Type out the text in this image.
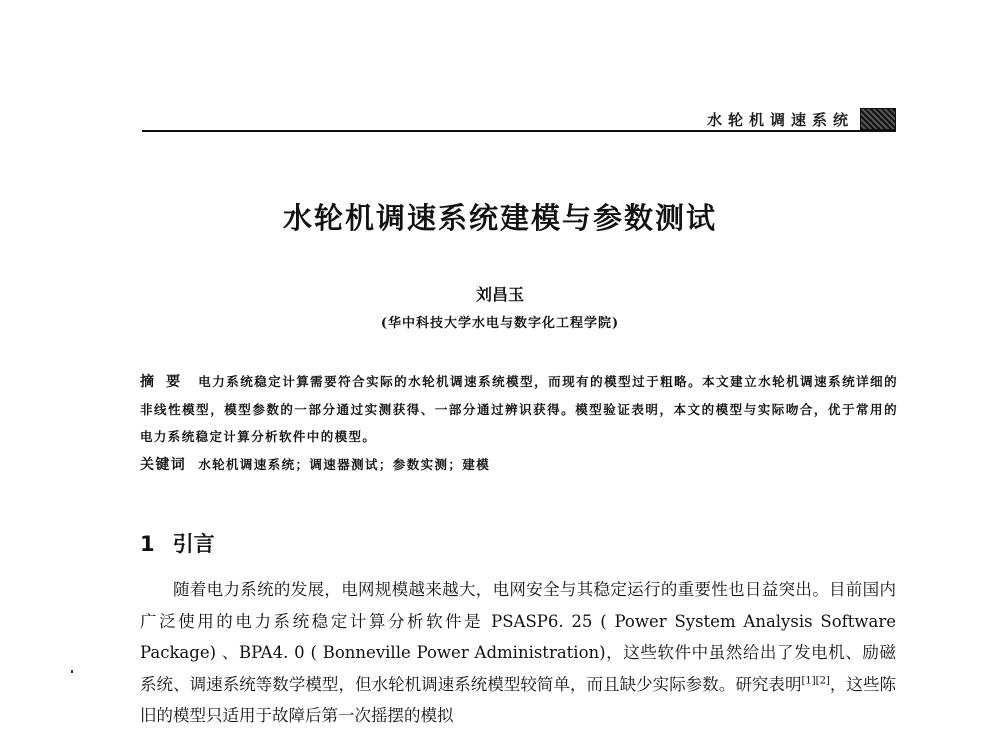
水轮机调速系统
水轮机调速系统建模与参数测试
刘昌玉
(华中科技大学水电与数字化工程学院)
摘要 电力系统稳定计算需要符合实际的水轮机调速系统模型，而现有的模型过于粗略。本文建立水轮机调速系统详细的非线性模型，模型参数的一部分通过实测获得、一部分通过辨识获得。模型验证表明，本文的模型与实际吻合，优于常用的电力系统稳定计算分析软件中的模型。
关键词 水轮机调速系统；调速器测试；参数实测；建模
1 引言
随着电力系统的发展，电网规模越来越大，电网安全与其稳定运行的重要性也日益突出。目前国内广泛使用的电力系统稳定计算分析软件是 PSASP6. 25 ( Power System Analysis Software Package) 、BPA4. 0 ( Bonneville Power Administration)，这些软件中虽然给出了发电机、励磁系统、调速系统等数学模型，但水轮机调速系统模型较简单，而且缺少实际参数。研究表明[1][2]，这些陈旧的模型只适用于故障后第一次摇摆的模拟
